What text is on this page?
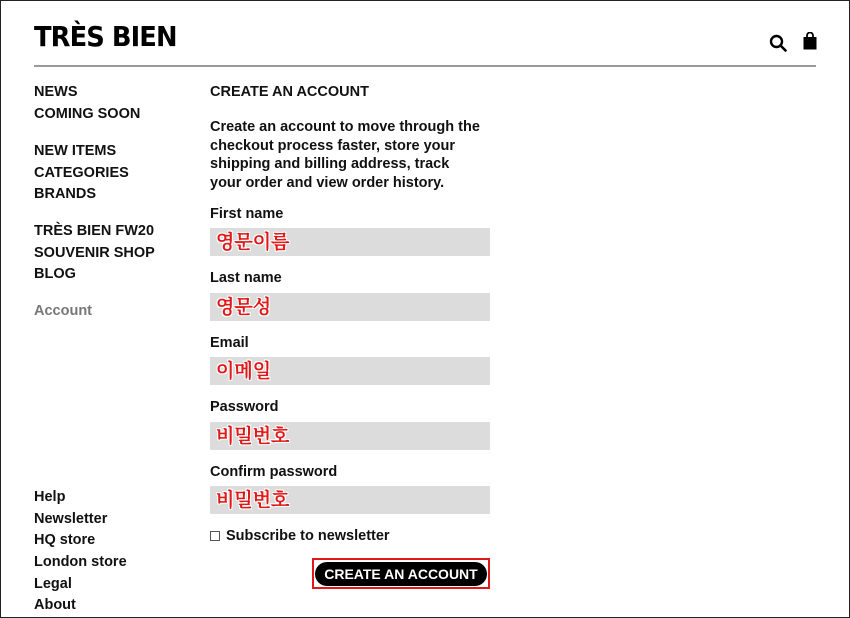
TRÈS BIEN
NEWS
COMING SOON
NEW ITEMS
CATEGORIES
BRANDS
TRÈS BIEN FW20
SOUVENIR SHOP
BLOG
Account
Help
Newsletter
HQ store
London store
Legal
About
CREATE AN ACCOUNT
Create an account to move through the checkout process faster, store your shipping and billing address, track your order and view order history.
First name
영문이름
Last name
영문성
Email
이메일
Password
비밀번호
Confirm password
비밀번호
Subscribe to newsletter
CREATE AN ACCOUNT
